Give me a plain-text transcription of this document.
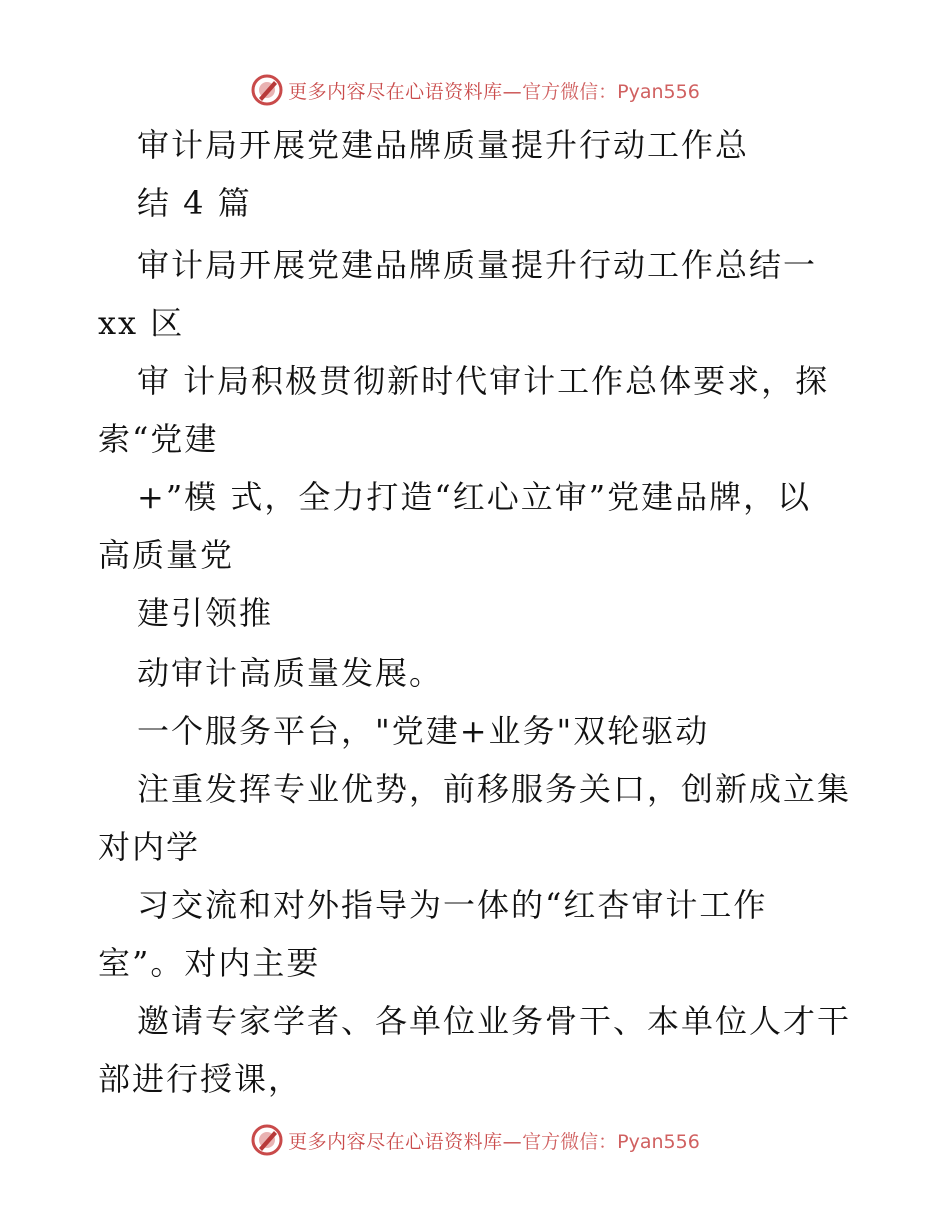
更多内容尽在心语资料库— 官方微信：Pyan556
审计局开展党建品牌质量提升行动工作总
结 4 篇
审计局开展党建品牌质量提升行动工作总结一
xx 区
审 计局积极贯彻新时代审计工作总体要求，探
索“党建
+”模 式，全力打造“红心立审”党建品牌，以
高质量党
建引领推
动审计高质量发展。
一个服务平台，"党建+业务"双轮驱动
注重发挥专业优势，前移服务关口，创新成立集
对内学
习交流和对外指导为一体的“红杏审计工作
室”。对内主要
邀请专家学者、各单位业务骨干、本单位人才干
部进行授课，
更多内容尽在心语资料库— 官方微信：Pyan556
